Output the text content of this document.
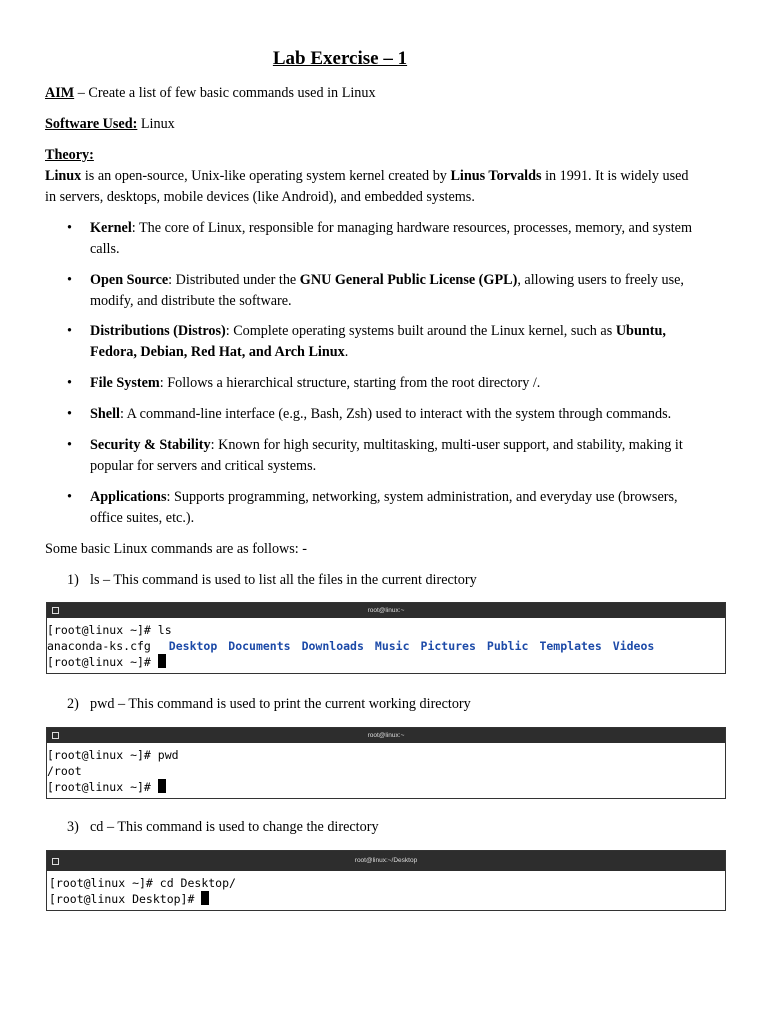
Lab Exercise – 1
AIM – Create a list of few basic commands used in Linux
Software Used: Linux
Theory:
Linux is an open-source, Unix-like operating system kernel created by Linus Torvalds in 1991. It is widely used
in servers, desktops, mobile devices (like Android), and embedded systems.
• Kernel: The core of Linux, responsible for managing hardware resources, processes, memory, and system
calls.
• Open Source: Distributed under the GNU General Public License (GPL), allowing users to freely use,
modify, and distribute the software.
• Distributions (Distros): Complete operating systems built around the Linux kernel, such as Ubuntu,
Fedora, Debian, Red Hat, and Arch Linux.
• File System: Follows a hierarchical structure, starting from the root directory /.
• Shell: A command-line interface (e.g., Bash, Zsh) used to interact with the system through commands.
• Security & Stability: Known for high security, multitasking, multi-user support, and stability, making it
popular for servers and critical systems.
• Applications: Supports programming, networking, system administration, and everyday use (browsers,
office suites, etc.).
Some basic Linux commands are as follows: -
1) ls – This command is used to list all the files in the current directory
root@linux:~
[root@linux ~]# ls
anaconda-ks.cfg Desktop Documents Downloads Music Pictures Public Templates Videos
[root@linux ~]#
2) pwd – This command is used to print the current working directory
root@linux:~
[root@linux ~]# pwd
/root
[root@linux ~]#
3) cd – This command is used to change the directory
root@linux:~/Desktop
[root@linux ~]# cd Desktop/
[root@linux Desktop]#
